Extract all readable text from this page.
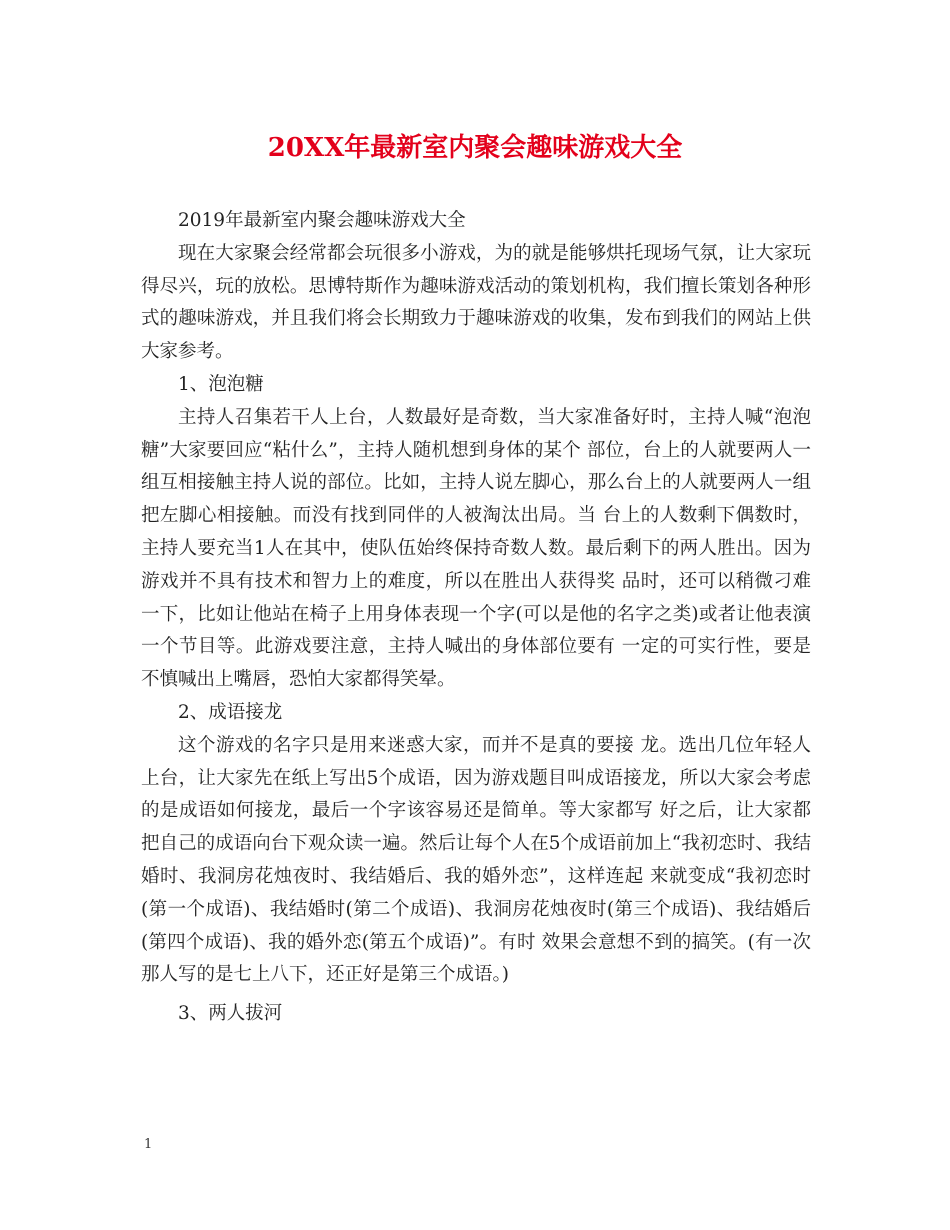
20XX年最新室内聚会趣味游戏大全

2019年最新室内聚会趣味游戏大全

现在大家聚会经常都会玩很多小游戏，为的就是能够烘托现场气氛，让大家玩得尽兴，玩的放松。思博特斯作为趣味游戏活动的策划机构，我们擅长策划各种形式的趣味游戏，并且我们将会长期致力于趣味游戏的收集，发布到我们的网站上供大家参考。

1、泡泡糖

主持人召集若干人上台，人数最好是奇数，当大家准备好时，主持人喊“泡泡糖”大家要回应“粘什么”，主持人随机想到身体的某个 部位，台上的人就要两人一组互相接触主持人说的部位。比如，主持人说左脚心，那么台上的人就要两人一组把左脚心相接触。而没有找到同伴的人被淘汰出局。当 台上的人数剩下偶数时，主持人要充当1人在其中，使队伍始终保持奇数人数。最后剩下的两人胜出。因为游戏并不具有技术和智力上的难度，所以在胜出人获得奖 品时，还可以稍微刁难一下，比如让他站在椅子上用身体表现一个字(可以是他的名字之类)或者让他表演一个节目等。此游戏要注意，主持人喊出的身体部位要有 一定的可实行性，要是不慎喊出上嘴唇，恐怕大家都得笑晕。

2、成语接龙

这个游戏的名字只是用来迷惑大家，而并不是真的要接 龙。选出几位年轻人上台，让大家先在纸上写出5个成语，因为游戏题目叫成语接龙，所以大家会考虑的是成语如何接龙，最后一个字该容易还是简单。等大家都写 好之后，让大家都把自己的成语向台下观众读一遍。然后让每个人在5个成语前加上“我初恋时、我结婚时、我洞房花烛夜时、我结婚后、我的婚外恋”，这样连起 来就变成“我初恋时(第一个成语)、我结婚时(第二个成语)、我洞房花烛夜时(第三个成语)、我结婚后(第四个成语)、我的婚外恋(第五个成语)”。有时 效果会意想不到的搞笑。(有一次那人写的是七上八下，还正好是第三个成语。)

3、两人拔河

1
